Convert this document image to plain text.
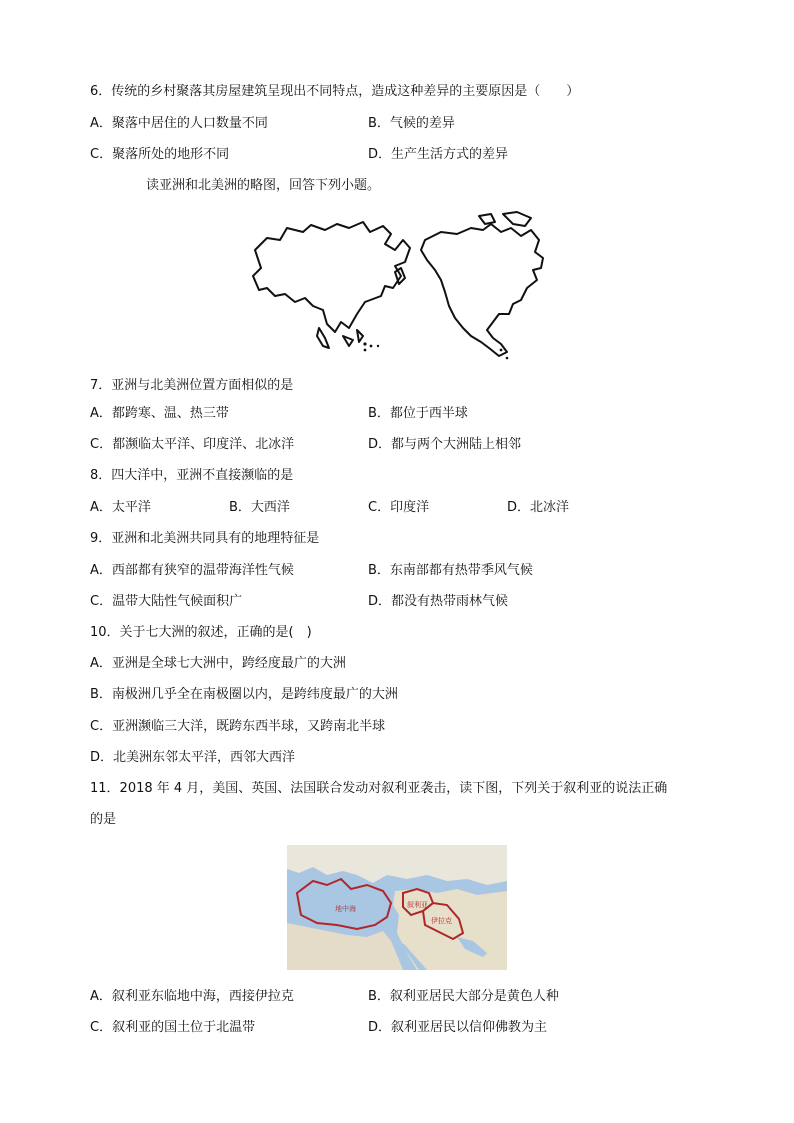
6．传统的乡村聚落其房屋建筑呈现出不同特点，造成这种差异的主要原因是（　　）
A．聚落中居住的人口数量不同	B．气候的差异
C．聚落所处的地形不同	D．生产生活方式的差异
读亚洲和北美洲的略图，回答下列小题。
7．亚洲与北美洲位置方面相似的是
A．都跨寒、温、热三带	B．都位于西半球
C．都濒临太平洋、印度洋、北冰洋	D．都与两个大洲陆上相邻
8．四大洋中，亚洲不直接濒临的是
A．太平洋	B．大西洋	C．印度洋	D．北冰洋
9．亚洲和北美洲共同具有的地理特征是
A．西部都有狭窄的温带海洋性气候	B．东南部都有热带季风气候
C．温带大陆性气候面积广	D．都没有热带雨林气候
10．关于七大洲的叙述，正确的是(　)
A．亚洲是全球七大洲中，跨经度最广的大洲
B．南极洲几乎全在南极圈以内，是跨纬度最广的大洲
C．亚洲濒临三大洋，既跨东西半球，又跨南北半球
D．北美洲东邻太平洋，西邻大西洋
11．2018 年 4 月，美国、英国、法国联合发动对叙利亚袭击，读下图，下列关于叙利亚的说法正确
的是
地中海	叙利亚
伊拉克
A．叙利亚东临地中海，西接伊拉克	B．叙利亚居民大部分是黄色人种
C．叙利亚的国土位于北温带	D．叙利亚居民以信仰佛教为主
